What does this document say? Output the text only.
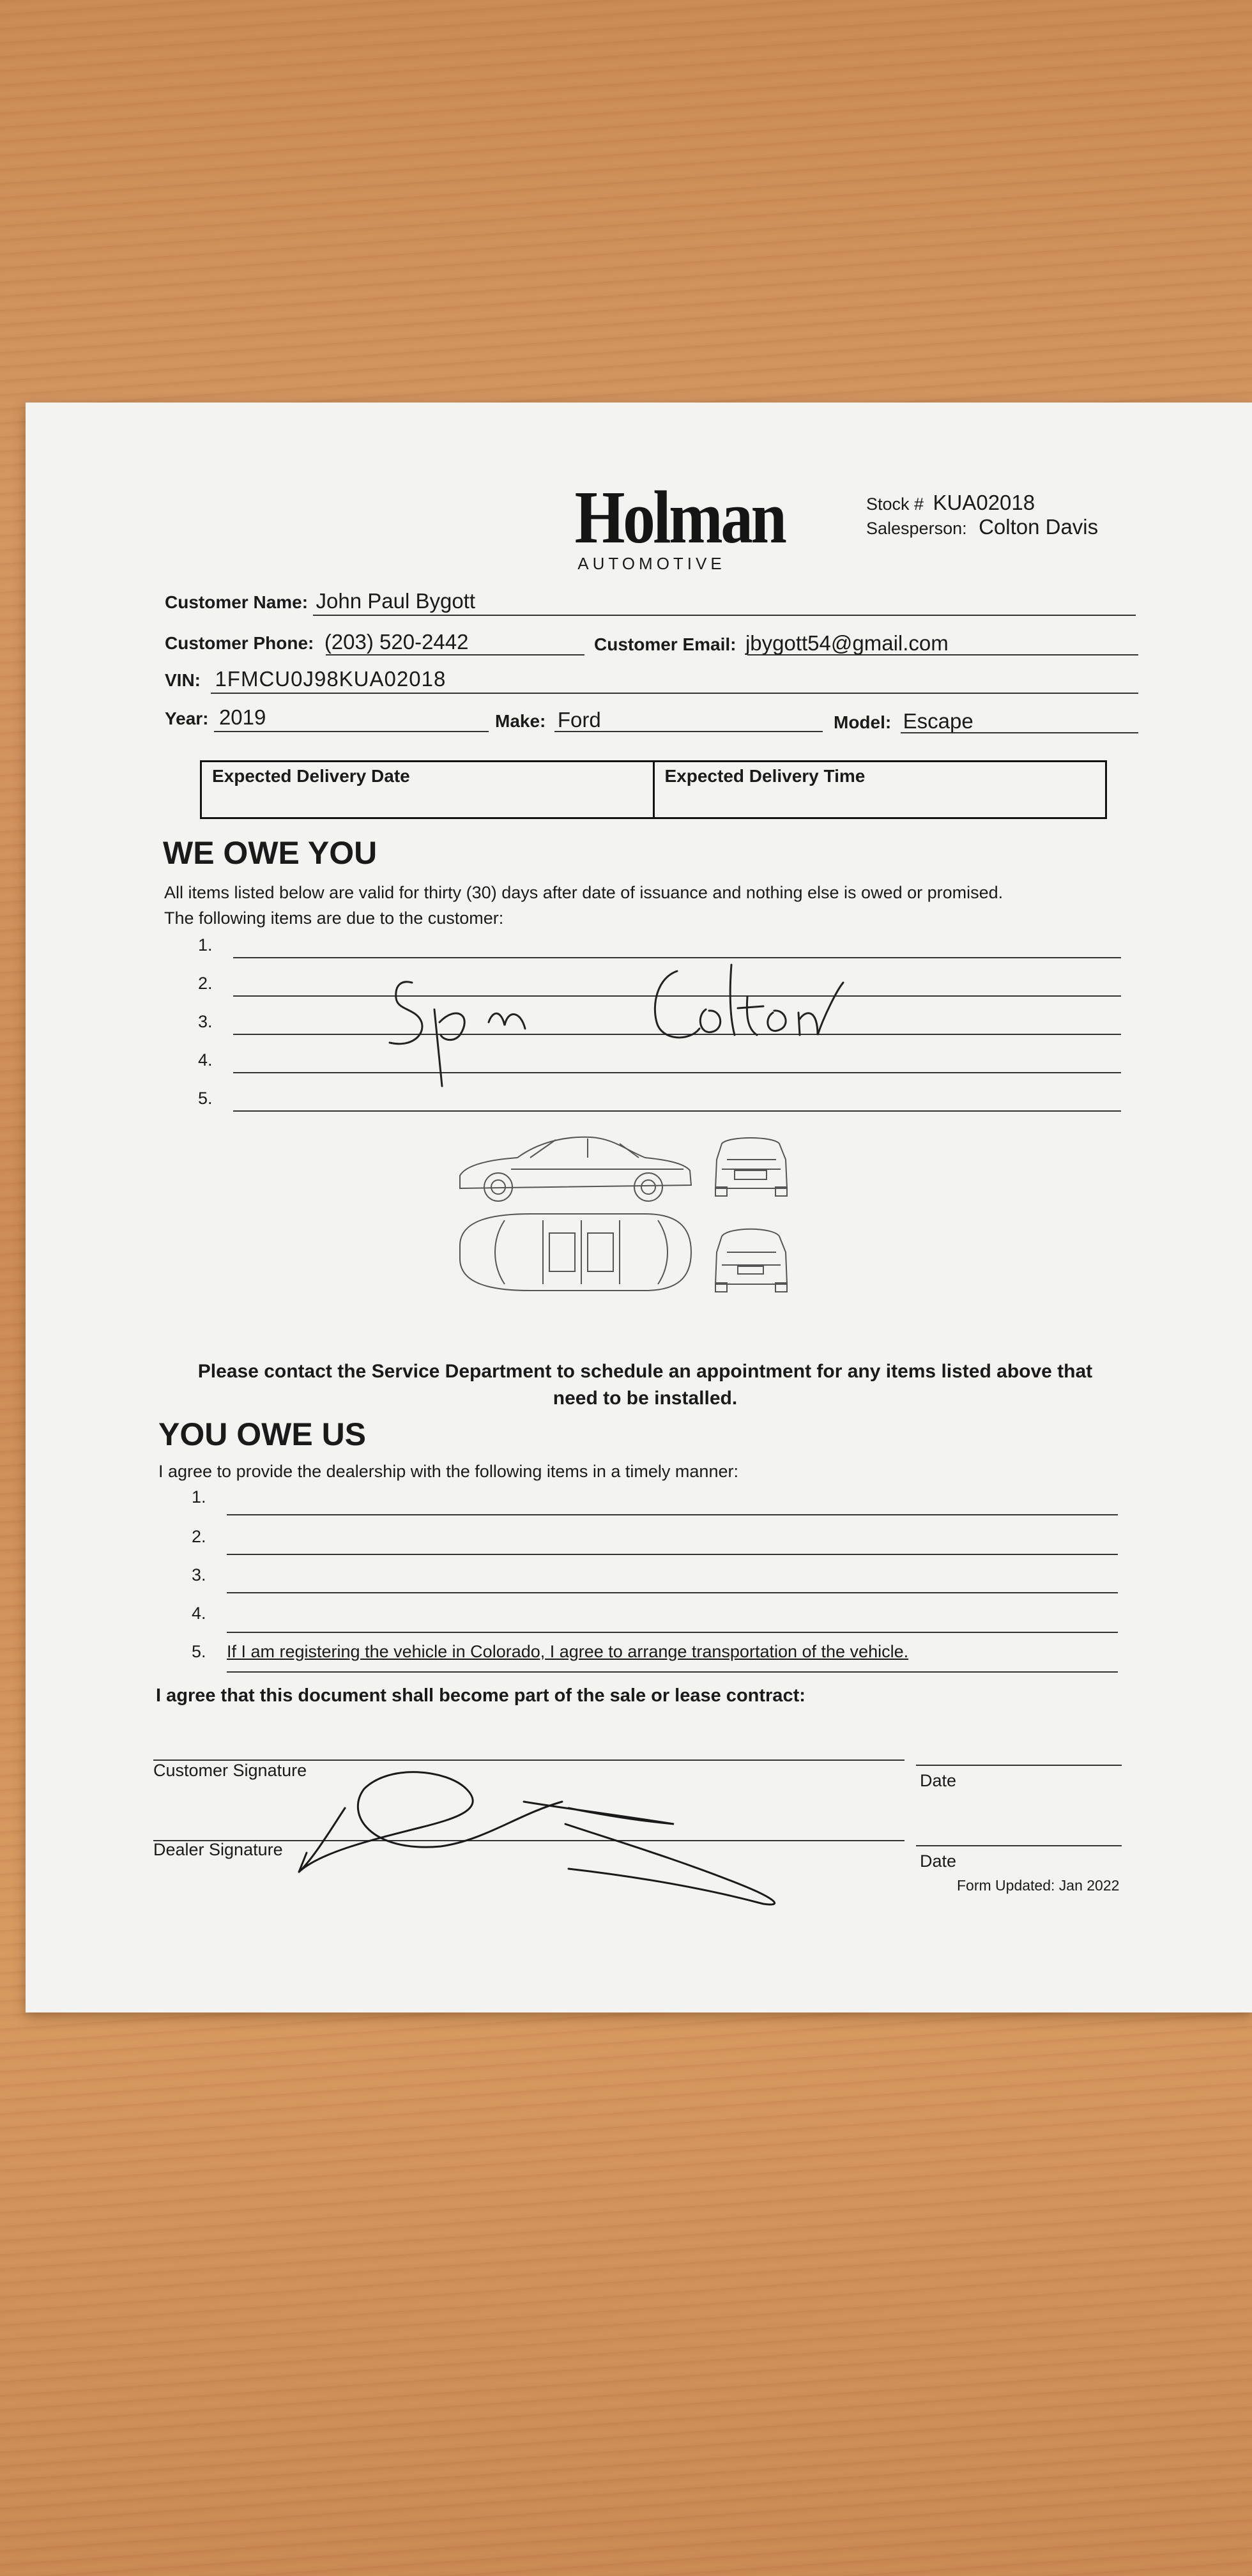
Holman
AUTOMOTIVE
Stock # KUA02018
Salesperson: Colton Davis
Customer Name: John Paul Bygott
Customer Phone: (203) 520-2442	Customer Email: jbygott54@gmail.com
VIN: 1FMCU0J98KUA02018
Year: 2019	Make: Ford	Model: Escape
Expected Delivery Date	Expected Delivery Time
WE OWE YOU
All items listed below are valid for thirty (30) days after date of issuance and nothing else is owed or promised.
The following items are due to the customer:
1.
2.
3.
4.
5.
Please contact the Service Department to schedule an appointment for any items listed above that
need to be installed.
YOU OWE US
I agree to provide the dealership with the following items in a timely manner:
1.
2.
3.
4.
5. If I am registering the vehicle in Colorado, I agree to arrange transportation of the vehicle.
I agree that this document shall become part of the sale or lease contract:
Customer Signature
Date
Dealer Signature
Date
Form Updated: Jan 2022
